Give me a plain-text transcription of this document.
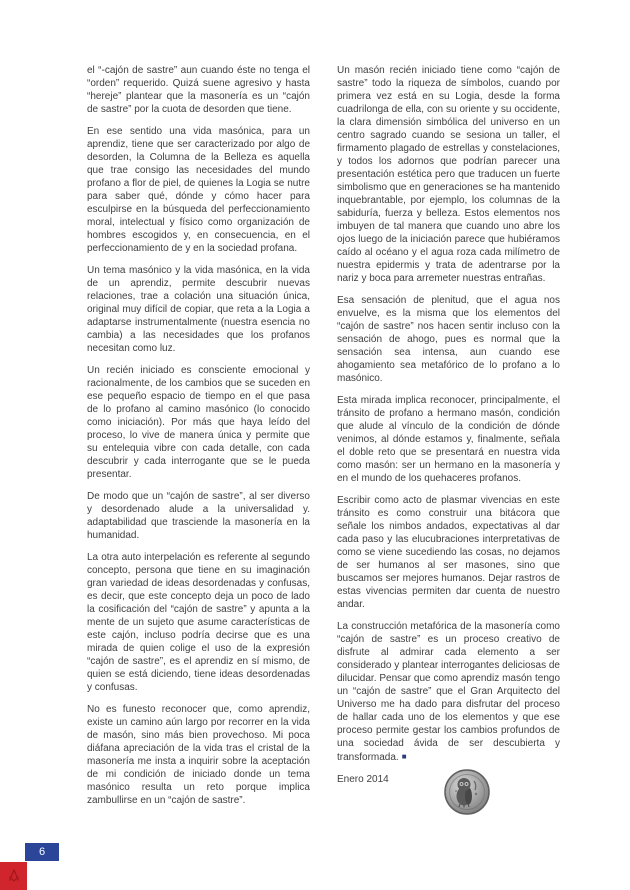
el “-cajón de sastre” aun cuando éste no tenga el “orden” requerido. Quizá suene agresivo y hasta “hereje” plantear que la masonería es un “cajón de sastre” por la cuota de desorden que tiene.

En ese sentido una vida masónica, para un aprendiz, tiene que ser caracterizado por algo de desorden, la Columna de la Belleza es aquella que trae consigo las necesidades del mundo profano a flor de piel, de quienes la Logia se nutre para saber qué, dónde y cómo hacer para esculpirse en la búsqueda del perfeccionamiento moral, intelectual y físico como organización de hombres escogidos y, en consecuencia, en el perfeccionamiento de y en la sociedad profana.

Un tema masónico y la vida masónica, en la vida de un aprendiz, permite descubrir nuevas relaciones, trae a colación una situación única, original muy difícil de copiar, que reta a la Logia a adaptarse instrumentalmente (nuestra esencia no cambia) a las necesidades que los profanos necesitan como luz.

Un recién iniciado es consciente emocional y racionalmente, de los cambios que se suceden en ese pequeño espacio de tiempo en el que pasa de lo profano al camino masónico (lo conocido como iniciación). Por más que haya leído del proceso, lo vive de manera única y permite que su entelequia vibre con cada detalle, con cada descubrir y cada interrogante que se le pueda presentar.

De modo que un “cajón de sastre”, al ser diverso y desordenado alude a la universalidad y. adaptabilidad que trasciende la masonería en la humanidad.

La otra auto interpelación es referente al segundo concepto, persona que tiene en su imaginación gran variedad de ideas desordenadas y confusas, es decir, que este concepto deja un poco de lado la cosificación del “cajón de sastre” y apunta a la mente de un sujeto que asume características de este cajón, incluso podría decirse que es una mirada de quien colige el uso de la expresión “cajón de sastre”, es el aprendiz en sí mismo, de quien se está diciendo, tiene ideas desordenadas y confusas.

No es funesto reconocer que, como aprendiz, existe un camino aún largo por recorrer en la vida de masón, sino más bien provechoso. Mi poca diáfana apreciación de la vida tras el cristal de la masonería me insta a inquirir sobre la aceptación de mi condición de iniciado donde un tema masónico resulta un reto porque implica zambullirse en un “cajón de sastre”.

Un masón recién iniciado tiene como “cajón de sastre” todo la riqueza de símbolos, cuando por primera vez está en su Logia, desde la forma cuadrilonga de ella, con su oriente y su occidente, la clara dimensión simbólica del universo en un centro sagrado cuando se sesiona un taller, el firmamento plagado de estrellas y constelaciones, y todos los adornos que podrían parecer una presentación estética pero que traducen un fuerte simbolismo que en generaciones se ha mantenido inquebrantable, por ejemplo, los columnas de la sabiduría, fuerza y belleza. Estos elementos nos imbuyen de tal manera que cuando uno abre los ojos luego de la iniciación parece que hubiéramos caído al océano y el agua roza cada milímetro de nuestra epidermis y trata de adentrarse por la nariz y boca para arremeter nuestras entrañas.

Esa sensación de plenitud, que el agua nos envuelve, es la misma que los elementos del “cajón de sastre” nos hacen sentir incluso con la sensación de ahogo, pues es normal que la sensación sea intensa, aun cuando ese ahogamiento sea metafórico de lo profano a lo masónico.

Esta mirada implica reconocer, principalmente, el tránsito de profano a hermano masón, condición que alude al vínculo de la condición de dónde venimos, al dónde estamos y, finalmente, señala el doble reto que se presentará en nuestra vida como masón: ser un hermano en la masonería y en el mundo de los quehaceres profanos.

Escribir como acto de plasmar vivencias en este tránsito es como construir una bitácora que señale los nimbos andados, expectativas al dar cada paso y las elucubraciones interpretativas de como se viene sucediendo las cosas, no dejamos de ser humanos al ser masones, sino que buscamos ser mejores humanos. Dejar rastros de estas vivencias permiten dar cuenta de nuestro andar.

La construcción metafórica de la masonería como “cajón de sastre” es un proceso creativo de disfrute al admirar cada elemento a ser considerado y plantear interrogantes deliciosas de dilucidar. Pensar que como aprendiz masón tengo un “cajón de sastre” que el Gran Arquitecto del Universo me ha dado para disfrutar del proceso de hallar cada uno de los elementos y que ese proceso permite gestar los cambios profundos de una sociedad ávida de ser descubierta y transformada. ■

Enero 2014
6
